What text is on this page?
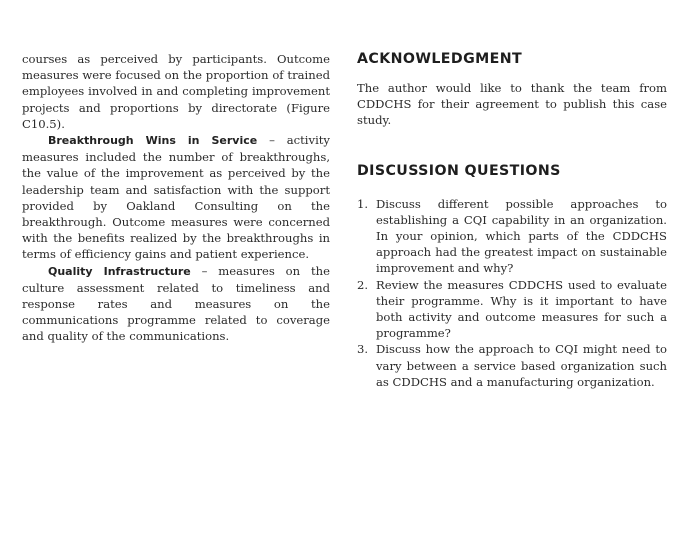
courses as perceived by participants. Outcome measures were focused on the proportion of trained employees involved in and completing improvement projects and proportions by directorate (Figure C10.5).

Breakthrough Wins in Service – activity measures included the number of breakthroughs, the value of the improvement as perceived by the leadership team and satisfaction with the support provided by Oakland Consulting on the breakthrough. Outcome measures were concerned with the benefits realized by the breakthroughs in terms of efficiency gains and patient experience.

Quality Infrastructure – measures on the culture assessment related to timeliness and response rates and measures on the communications programme related to coverage and quality of the communications.

ACKNOWLEDGMENT

The author would like to thank the team from CDDCHS for their agreement to publish this case study.

DISCUSSION QUESTIONS
1. Discuss different possible approaches to establishing a CQI capability in an organization. In your opinion, which parts of the CDDCHS approach had the greatest impact on sustainable improvement and why?
2. Review the measures CDDCHS used to evaluate their programme. Why is it important to have both activity and outcome measures for such a programme?
3. Discuss how the approach to CQI might need to vary between a service based organization such as CDDCHS and a manufacturing organization.
